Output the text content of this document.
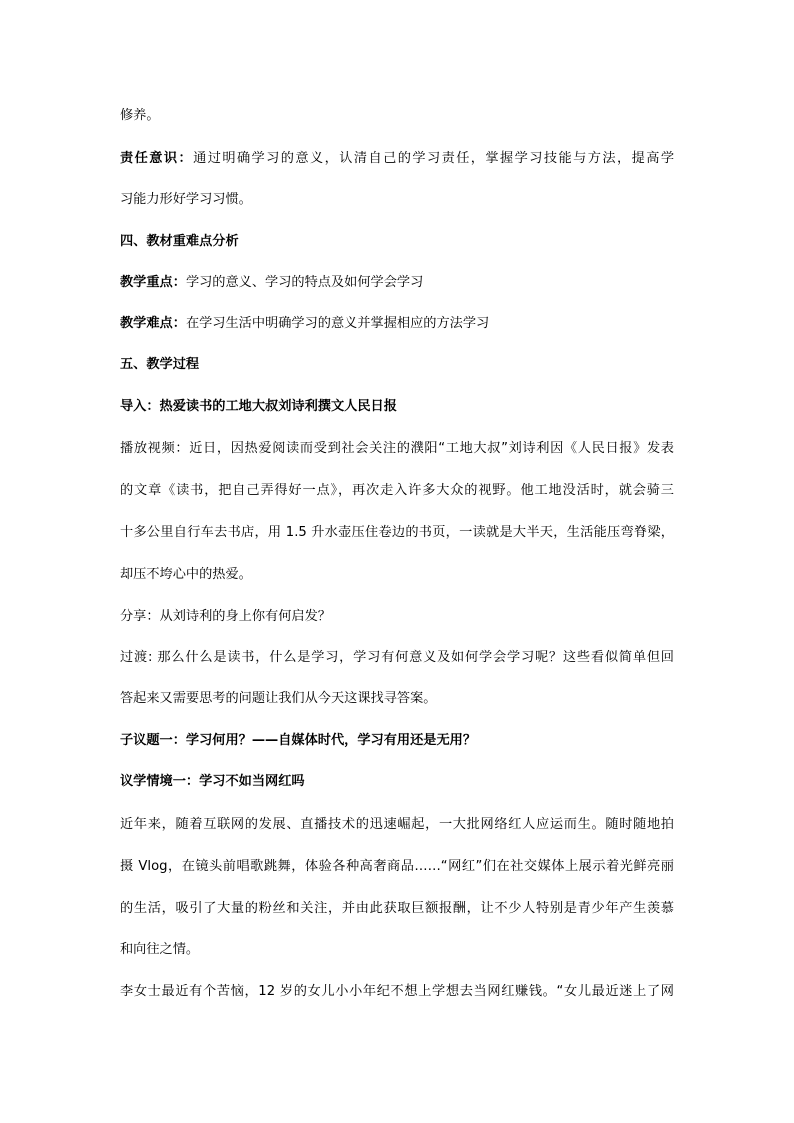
修养。

责任意识：通过明确学习的意义，认清自己的学习责任，掌握学习技能与方法，提高学

习能力形好学习习惯。

四、教材重难点分析

教学重点：学习的意义、学习的特点及如何学会学习

教学难点：在学习生活中明确学习的意义并掌握相应的方法学习

五、教学过程

导入：热爱读书的工地大叔刘诗利撰文人民日报

播放视频：近日，因热爱阅读而受到社会关注的濮阳“工地大叔”刘诗利因《人民日报》发表

的文章《读书，把自己弄得好一点》，再次走入许多大众的视野。他工地没活时，就会骑三

十多公里自行车去书店，用 1.5 升水壶压住卷边的书页，一读就是大半天，生活能压弯脊梁，

却压不垮心中的热爱。

分享：从刘诗利的身上你有何启发？

过渡: 那么什么是读书，什么是学习，学习有何意义及如何学会学习呢？这些看似简单但回

答起来又需要思考的问题让我们从今天这课找寻答案。

子议题一：学习何用？——自媒体时代，学习有用还是无用？

议学情境一：学习不如当网红吗

近年来，随着互联网的发展、直播技术的迅速崛起，一大批网络红人应运而生。随时随地拍

摄 Vlog，在镜头前唱歌跳舞，体验各种高奢商品……“网红”们在社交媒体上展示着光鲜亮丽

的生活，吸引了大量的粉丝和关注，并由此获取巨额报酬，让不少人特别是青少年产生羡慕

和向往之情。

李女士最近有个苦恼，12 岁的女儿小小年纪不想上学想去当网红赚钱。“女儿最近迷上了网
